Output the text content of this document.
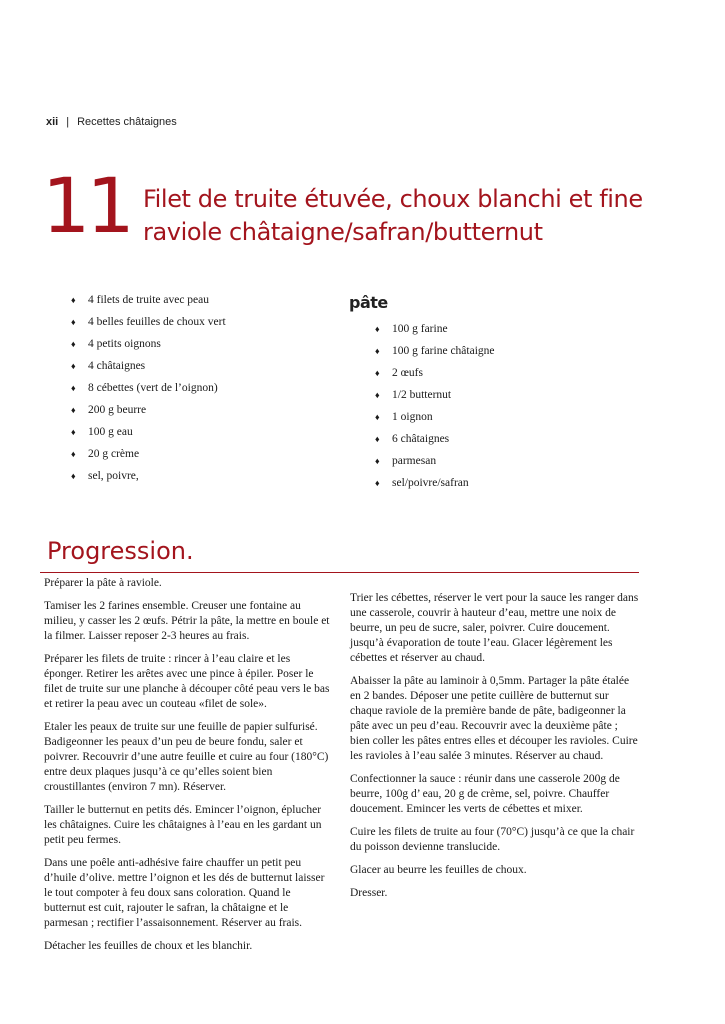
xii | Recettes châtaignes
11 Filet de truite étuvée, choux blanchi et fine raviole châtaigne/safran/butternut
♦ 4 filets de truite avec peau
♦ 4 belles feuilles de choux vert
♦ 4 petits oignons
♦ 4 châtaignes
♦ 8 cébettes (vert de l’oignon)
♦ 200 g beurre
♦ 100 g eau
♦ 20 g crème
♦ sel, poivre,
pâte
♦ 100 g farine
♦ 100 g farine châtaigne
♦ 2 œufs
♦ 1/2 butternut
♦ 1 oignon
♦ 6 châtaignes
♦ parmesan
♦ sel/poivre/safran
Progression.

Préparer la pâte à raviole.

Tamiser les 2 farines ensemble. Creuser une fontaine au milieu, y casser les 2 œufs. Pétrir la pâte, la mettre en boule et la filmer. Laisser reposer 2-3 heures au frais.

Préparer les filets de truite : rincer à l’eau claire et les éponger. Retirer les arêtes avec une pince à épiler. Poser le filet de truite sur une planche à découper côté peau vers le bas et retirer la peau avec un couteau «filet de sole».

Etaler les peaux de truite sur une feuille de papier sulfurisé. Badigeonner les peaux d’un peu de beure fondu, saler et poivrer. Recouvrir d’une autre feuille et cuire au four (180°C) entre deux plaques jusqu’à ce qu’elles soient bien croustillantes (environ 7 mn). Réserver.

Tailler le butternut en petits dés. Emincer l’oignon, éplucher les châtaignes. Cuire les châtaignes à l’eau en les gardant un petit peu fermes.

Dans une poêle anti-adhésive faire chauffer un petit peu d’huile d’olive. mettre l’oignon et les dés de butternut laisser le tout compoter à feu doux sans coloration. Quand le butternut est cuit, rajouter le safran, la châtaigne et le parmesan ; rectifier l’assaisonnement. Réserver au frais.

Détacher les feuilles de choux et les blanchir.

Trier les cébettes, réserver le vert pour la sauce les ranger dans une casserole, couvrir à hauteur d’eau, mettre une noix de beurre, un peu de sucre, saler, poivrer. Cuire doucement. jusqu’à évaporation de toute l’eau. Glacer légèrement les cébettes et réserver au chaud.

Abaisser la pâte au laminoir à 0,5mm. Partager la pâte étalée en 2 bandes. Déposer une petite cuillère de butternut sur chaque raviole de la première bande de pâte, badigeonner la pâte avec un peu d’eau. Recouvrir avec la deuxième pâte ; bien coller les pâtes entres elles et découper les ravioles. Cuire les ravioles à l’eau salée 3 minutes. Réserver au chaud.

Confectionner la sauce : réunir dans une casserole 200g de beurre, 100g d’ eau, 20 g de crème, sel, poivre. Chauffer doucement. Emincer les verts de cébettes et mixer.

Cuire les filets de truite au four (70°C) jusqu’à ce que la chair du poisson devienne translucide.

Glacer au beurre les feuilles de choux.

Dresser.
